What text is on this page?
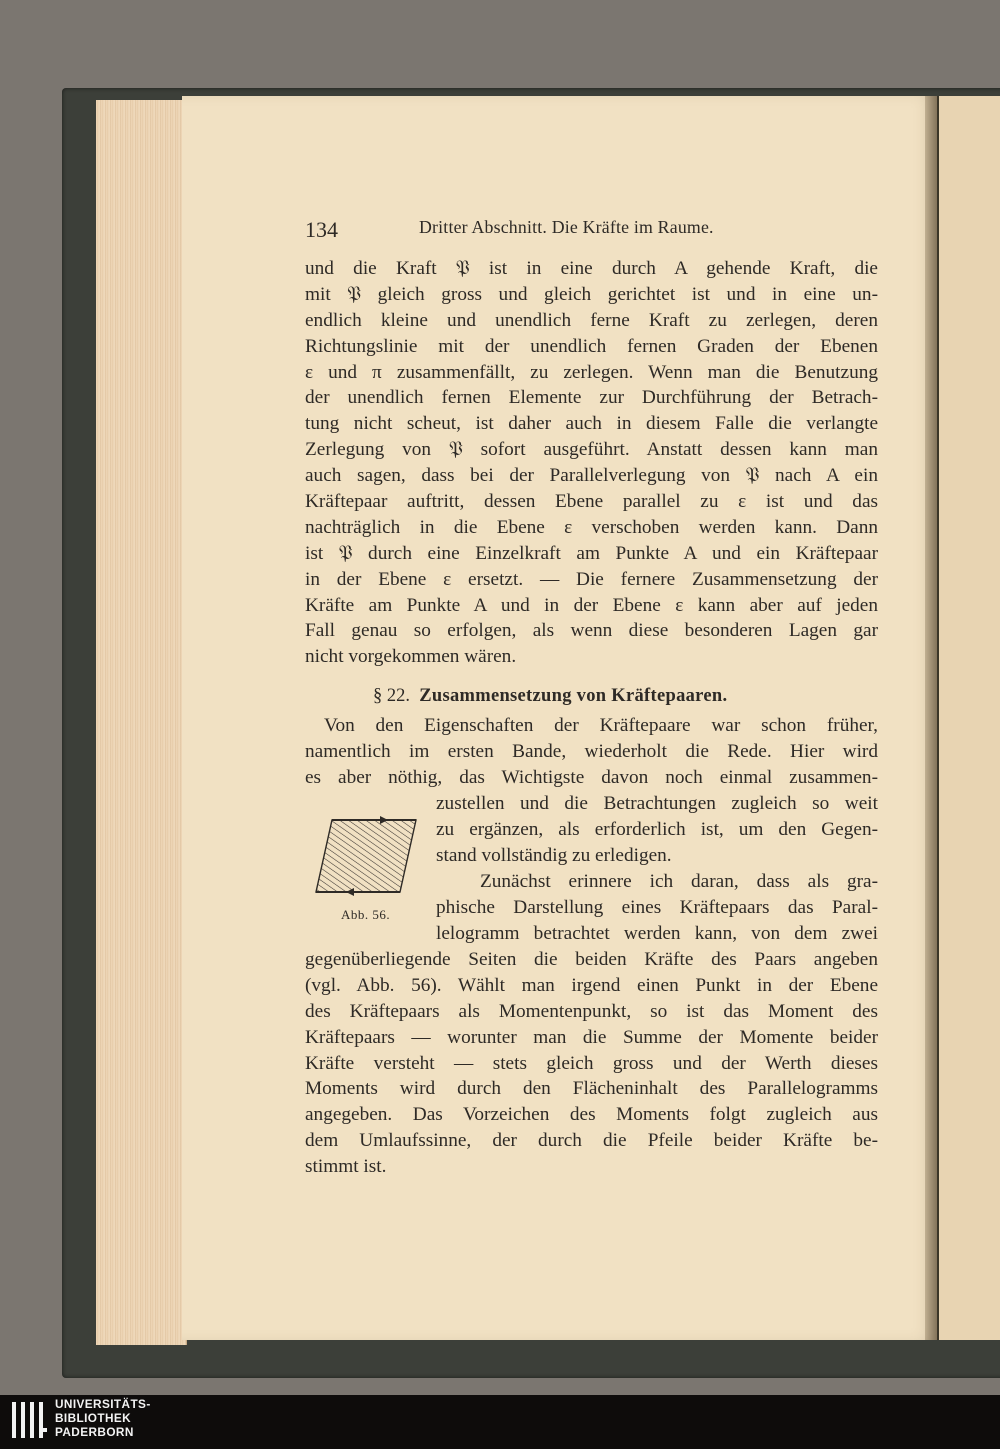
134	Dritter Abschnitt. Die Kräfte im Raume.
und die Kraft 𝔓 ist in eine durch A gehende Kraft, die
mit 𝔓 gleich gross und gleich gerichtet ist und in eine un-
endlich kleine und unendlich ferne Kraft zu zerlegen, deren
Richtungslinie mit der unendlich fernen Graden der Ebenen
ε und π zusammenfällt, zu zerlegen. Wenn man die Benutzung
der unendlich fernen Elemente zur Durchführung der Betrach-
tung nicht scheut, ist daher auch in diesem Falle die verlangte
Zerlegung von 𝔓 sofort ausgeführt. Anstatt dessen kann man
auch sagen, dass bei der Parallelverlegung von 𝔓 nach A ein
Kräftepaar auftritt, dessen Ebene parallel zu ε ist und das
nachträglich in die Ebene ε verschoben werden kann. Dann
ist 𝔓 durch eine Einzelkraft am Punkte A und ein Kräftepaar
in der Ebene ε ersetzt. — Die fernere Zusammensetzung der
Kräfte am Punkte A und in der Ebene ε kann aber auf jeden
Fall genau so erfolgen, als wenn diese besonderen Lagen gar
nicht vorgekommen wären.
§ 22. Zusammensetzung von Kräftepaaren.
Von den Eigenschaften der Kräftepaare war schon früher,
namentlich im ersten Bande, wiederholt die Rede. Hier wird
es aber nöthig, das Wichtigste davon noch einmal zusammen-
zustellen und die Betrachtungen zugleich so weit
zu ergänzen, als erforderlich ist, um den Gegen-
stand vollständig zu erledigen.
Abb. 56.
Zunächst erinnere ich daran, dass als gra-
phische Darstellung eines Kräftepaars das Paral-
lelogramm betrachtet werden kann, von dem zwei
gegenüberliegende Seiten die beiden Kräfte des Paars angeben
(vgl. Abb. 56). Wählt man irgend einen Punkt in der Ebene
des Kräftepaars als Momentenpunkt, so ist das Moment des
Kräftepaars — worunter man die Summe der Momente beider
Kräfte versteht — stets gleich gross und der Werth dieses
Moments wird durch den Flächeninhalt des Parallelogramms
angegeben. Das Vorzeichen des Moments folgt zugleich aus
dem Umlaufssinne, der durch die Pfeile beider Kräfte be-
stimmt ist.
UNIVERSITÄTS-
BIBLIOTHEK
PADERBORN
